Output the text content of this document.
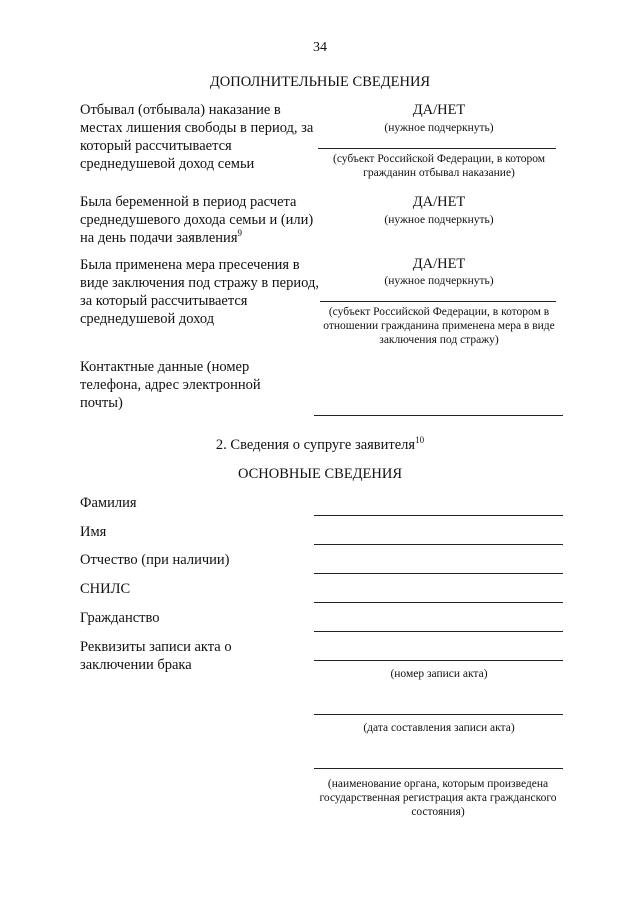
34
ДОПОЛНИТЕЛЬНЫЕ СВЕДЕНИЯ
Отбывал (отбывала) наказание в местах лишения свободы в период, за который рассчитывается среднедушевой доход семьи
ДА/НЕТ
(нужное подчеркнуть)
(субъект Российской Федерации, в котором гражданин отбывал наказание)
Была беременной в период расчета среднедушевого дохода семьи и (или) на день подачи заявления$^9$
ДА/НЕТ
(нужное подчеркнуть)
Была применена мера пресечения в виде заключения под стражу в период, за который рассчитывается среднедушевой доход
ДА/НЕТ
(нужное подчеркнуть)
(субъект Российской Федерации, в котором в отношении гражданина применена мера в виде заключения под стражу)
Контактные данные (номер телефона, адрес электронной почты)
2. Сведения о супруге заявителя$^{10}$
ОСНОВНЫЕ СВЕДЕНИЯ
Фамилия
Имя
Отчество (при наличии)
СНИЛС
Гражданство
Реквизиты записи акта о заключении брака
(номер записи акта)
(дата составления записи акта)
(наименование органа, которым произведена государственная регистрация акта гражданского состояния)
